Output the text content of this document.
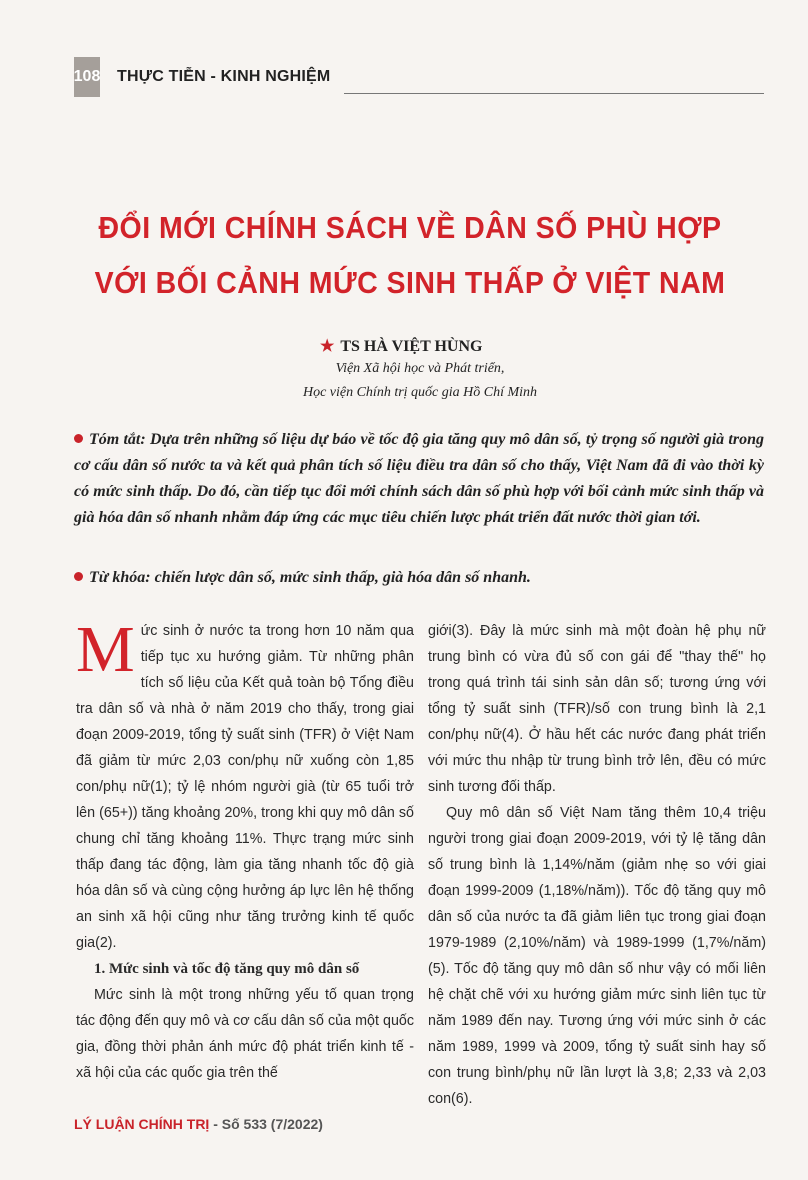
108 THỰC TIỄN - KINH NGHIỆM
ĐỔI MỚI CHÍNH SÁCH VỀ DÂN SỐ PHÙ HỢP
VỚI BỐI CẢNH MỨC SINH THẤP Ở VIỆT NAM
★ TS HÀ VIỆT HÙNG
Viện Xã hội học và Phát triển,
Học viện Chính trị quốc gia Hồ Chí Minh
Tóm tắt: Dựa trên những số liệu dự báo về tốc độ gia tăng quy mô dân số, tỷ trọng số người già trong cơ cấu dân số nước ta và kết quả phân tích số liệu điều tra dân số cho thấy, Việt Nam đã đi vào thời kỳ có mức sinh thấp. Do đó, cần tiếp tục đổi mới chính sách dân số phù hợp với bối cảnh mức sinh thấp và già hóa dân số nhanh nhằm đáp ứng các mục tiêu chiến lược phát triển đất nước thời gian tới.
Từ khóa: chiến lược dân số, mức sinh thấp, già hóa dân số nhanh.

Mức sinh ở nước ta trong hơn 10 năm qua tiếp tục xu hướng giảm. Từ những phân tích số liệu của Kết quả toàn bộ Tổng điều tra dân số và nhà ở năm 2019 cho thấy, trong giai đoạn 2009-2019, tổng tỷ suất sinh (TFR) ở Việt Nam đã giảm từ mức 2,03 con/phụ nữ xuống còn 1,85 con/phụ nữ(1); tỷ lệ nhóm người già (từ 65 tuổi trở lên (65+)) tăng khoảng 20%, trong khi quy mô dân số chung chỉ tăng khoảng 11%. Thực trạng mức sinh thấp đang tác động, làm gia tăng nhanh tốc độ già hóa dân số và cùng cộng hưởng áp lực lên hệ thống an sinh xã hội cũng như tăng trưởng kinh tế quốc gia(2).

1. Mức sinh và tốc độ tăng quy mô dân số

Mức sinh là một trong những yếu tố quan trọng tác động đến quy mô và cơ cấu dân số của một quốc gia, đồng thời phản ánh mức độ phát triển kinh tế - xã hội của các quốc gia trên thế

giới(3). Đây là mức sinh mà một đoàn hệ phụ nữ trung bình có vừa đủ số con gái để "thay thế" họ trong quá trình tái sinh sản dân số; tương ứng với tổng tỷ suất sinh (TFR)/số con trung bình là 2,1 con/phụ nữ(4). Ở hầu hết các nước đang phát triển với mức thu nhập từ trung bình trở lên, đều có mức sinh tương đối thấp.

Quy mô dân số Việt Nam tăng thêm 10,4 triệu người trong giai đoạn 2009-2019, với tỷ lệ tăng dân số trung bình là 1,14%/năm (giảm nhẹ so với giai đoạn 1999-2009 (1,18%/năm)). Tốc độ tăng quy mô dân số của nước ta đã giảm liên tục trong giai đoạn 1979-1989 (2,10%/năm) và 1989-1999 (1,7%/năm)(5). Tốc độ tăng quy mô dân số như vậy có mối liên hệ chặt chẽ với xu hướng giảm mức sinh liên tục từ năm 1989 đến nay. Tương ứng với mức sinh ở các năm 1989, 1999 và 2009, tổng tỷ suất sinh hay số con trung bình/phụ nữ lần lượt là 3,8; 2,33 và 2,03 con(6).

LÝ LUẬN CHÍNH TRỊ - Số 533 (7/2022)
